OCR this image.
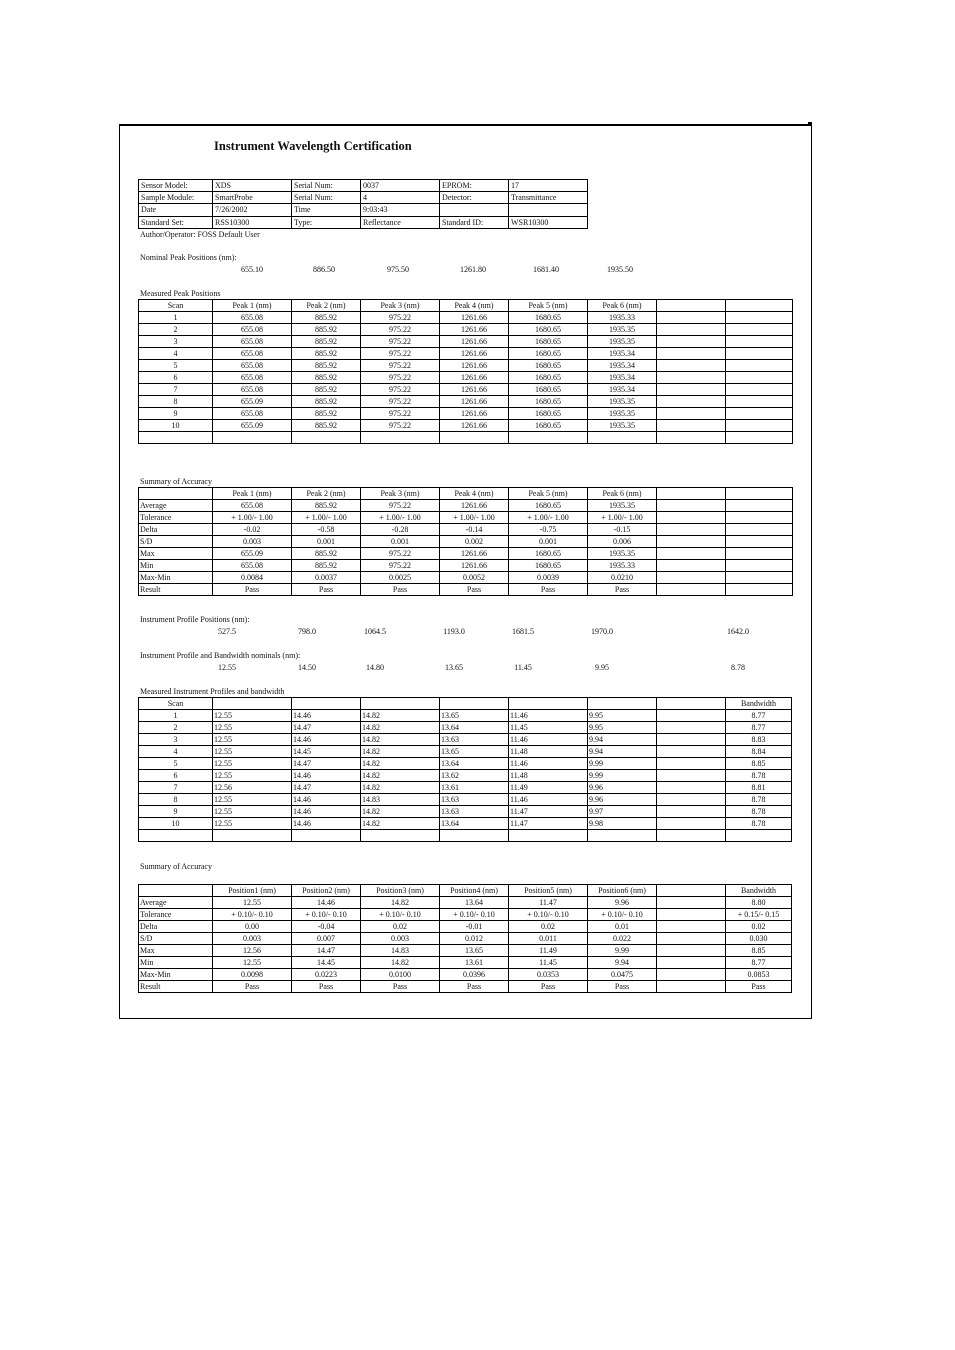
Instrument Wavelength Certification
Sensor Model:	XDS	Serial Num:	0037	EPROM:	17
Sample Module:	SmartProbe	Serial Num:	4	Detector:	Transmittance
Date	7/26/2002	Time	9:03:43		
Standard Set:	RSS10300	Type:	Reflectance	Standard ID:	WSR10300
Author/Operator: FOSS Default User
Nominal Peak Positions (nm):
655.10	886.50	975.50	1261.80	1681.40	1935.50
Measured Peak Positions
Scan	Peak 1 (nm)	Peak 2 (nm)	Peak 3 (nm)	Peak 4 (nm)	Peak 5 (nm)	Peak 6 (nm)		
1	655.08	885.92	975.22	1261.66	1680.65	1935.33		
2	655.08	885.92	975.22	1261.66	1680.65	1935.35		
3	655.08	885.92	975.22	1261.66	1680.65	1935.35		
4	655.08	885.92	975.22	1261.66	1680.65	1935.34		
5	655.08	885.92	975.22	1261.66	1680.65	1935.34		
6	655.08	885.92	975.22	1261.66	1680.65	1935.34		
7	655.08	885.92	975.22	1261.66	1680.65	1935.34		
8	655.09	885.92	975.22	1261.66	1680.65	1935.35		
9	655.08	885.92	975.22	1261.66	1680.65	1935.35		
10	655.09	885.92	975.22	1261.66	1680.65	1935.35		

Summary of Accuracy
	Peak 1 (nm)	Peak 2 (nm)	Peak 3 (nm)	Peak 4 (nm)	Peak 5 (nm)	Peak 6 (nm)		
Average	655.08	885.92	975.22	1261.66	1680.65	1935.35		
Tolerance	+ 1.00/- 1.00	+ 1.00/- 1.00	+ 1.00/- 1.00	+ 1.00/- 1.00	+ 1.00/- 1.00	+ 1.00/- 1.00		
Delta	-0.02	-0.58	-0.28	-0.14	-0.75	-0.15		
S/D	0.003	0.001	0.001	0.002	0.001	0.006		
Max	655.09	885.92	975.22	1261.66	1680.65	1935.35		
Min	655.08	885.92	975.22	1261.66	1680.65	1935.33		
Max-Min	0.0084	0.0037	0.0025	0.0052	0.0039	0.0210		
Result	Pass	Pass	Pass	Pass	Pass	Pass		
Instrument Profile Positions (nm):
527.5	798.0	1064.5	1193.0	1681.5	1970.0	1642.0
Instrument Profile and Bandwidth nominals (nm):
12.55	14.50	14.80	13.65	11.45	9.95	8.78
Measured Instrument Profiles and bandwidth
Scan								Bandwidth
1	12.55	14.46	14.82	13.65	11.46	9.95		8.77
2	12.55	14.47	14.82	13.64	11.45	9.95		8.77
3	12.55	14.46	14.82	13.63	11.46	9.94		8.83
4	12.55	14.45	14.82	13.65	11.48	9.94		8.84
5	12.55	14.47	14.82	13.64	11.46	9.99		8.85
6	12.55	14.46	14.82	13.62	11.48	9.99		8.78
7	12.56	14.47	14.82	13.61	11.49	9.96		8.81
8	12.55	14.46	14.83	13.63	11.46	9.96		8.78
9	12.55	14.46	14.82	13.63	11.47	9.97		8.78
10	12.55	14.46	14.82	13.64	11.47	9.98		8.78

Summary of Accuracy
	Position1 (nm)	Position2 (nm)	Position3 (nm)	Position4 (nm)	Position5 (nm)	Position6 (nm)		Bandwidth
Average	12.55	14.46	14.82	13.64	11.47	9.96		8.80
Tolerance	+ 0.10/- 0.10	+ 0.10/- 0.10	+ 0.10/- 0.10	+ 0.10/- 0.10	+ 0.10/- 0.10	+ 0.10/- 0.10		+ 0.15/- 0.15
Delta	0.00	-0.04	0.02	-0.01	0.02	0.01		0.02
S/D	0.003	0.007	0.003	0.012	0.011	0.022		0.030
Max	12.56	14.47	14.83	13.65	11.49	9.99		8.85
Min	12.55	14.45	14.82	13.61	11.45	9.94		8.77
Max-Min	0.0098	0.0223	0.0100	0.0396	0.0353	0.0475		0.0853
Result	Pass	Pass	Pass	Pass	Pass	Pass		Pass
